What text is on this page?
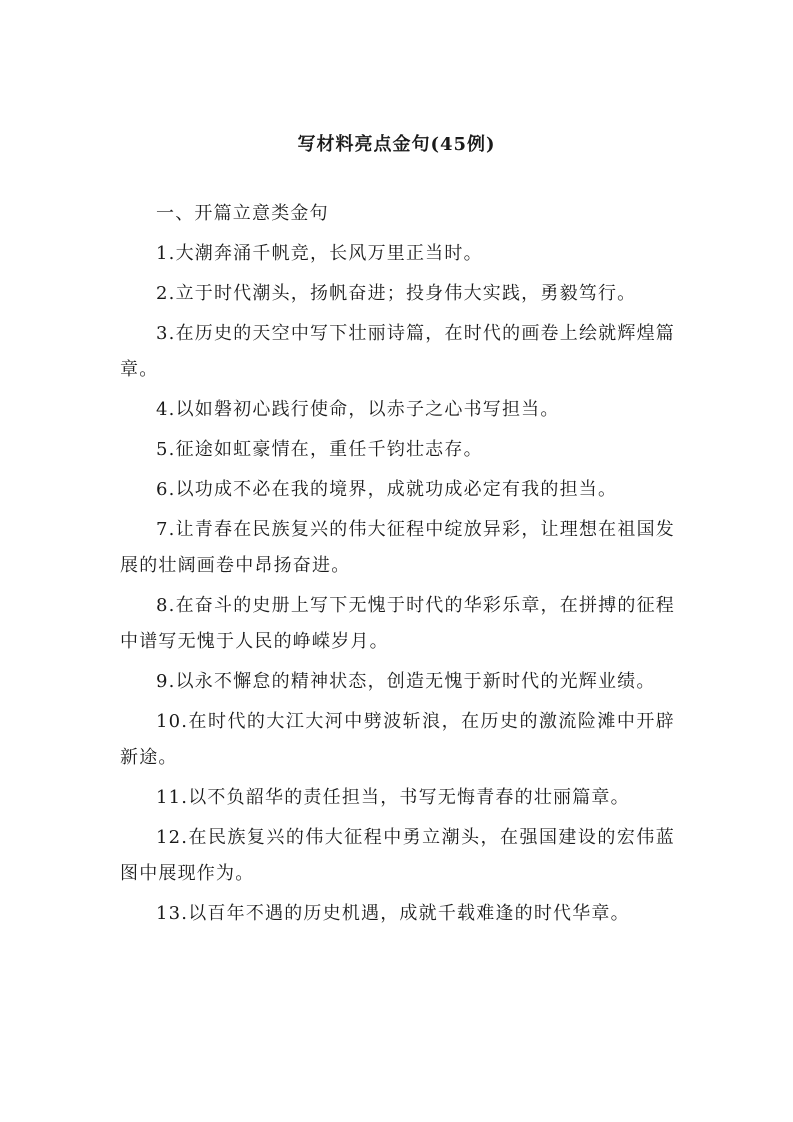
写材料亮点金句(45例)

一、开篇立意类金句

1.大潮奔涌千帆竞，长风万里正当时。

2.立于时代潮头，扬帆奋进；投身伟大实践，勇毅笃行。

3.在历史的天空中写下壮丽诗篇，在时代的画卷上绘就辉煌篇章。

4.以如磐初心践行使命，以赤子之心书写担当。

5.征途如虹豪情在，重任千钧壮志存。

6.以功成不必在我的境界，成就功成必定有我的担当。

7.让青春在民族复兴的伟大征程中绽放异彩，让理想在祖国发展的壮阔画卷中昂扬奋进。

8.在奋斗的史册上写下无愧于时代的华彩乐章，在拼搏的征程中谱写无愧于人民的峥嵘岁月。

9.以永不懈怠的精神状态，创造无愧于新时代的光辉业绩。

10.在时代的大江大河中劈波斩浪，在历史的激流险滩中开辟新途。

11.以不负韶华的责任担当，书写无悔青春的壮丽篇章。

12.在民族复兴的伟大征程中勇立潮头，在强国建设的宏伟蓝图中展现作为。

13.以百年不遇的历史机遇，成就千载难逢的时代华章。
